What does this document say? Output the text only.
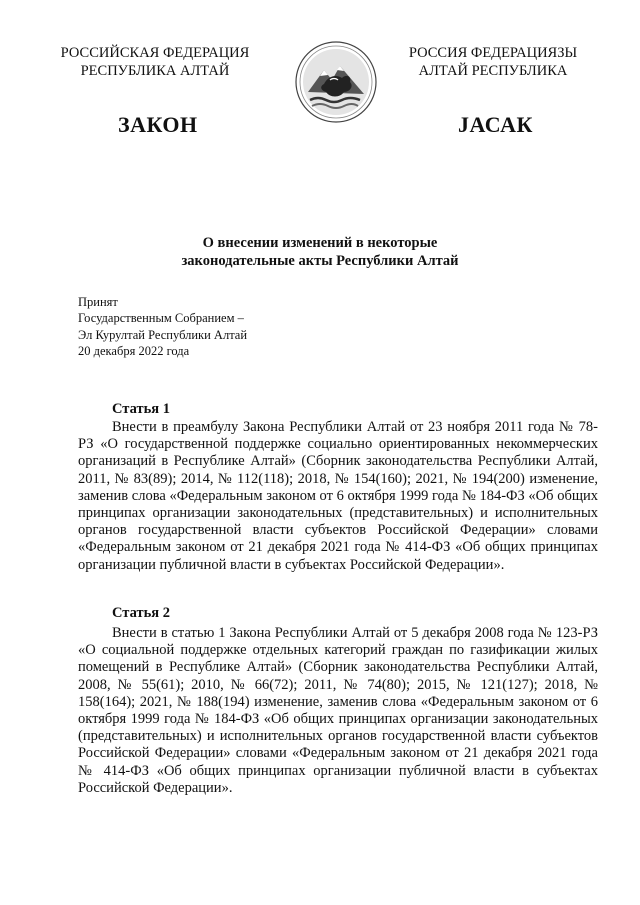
РОССИЙСКАЯ ФЕДЕРАЦИЯ
РЕСПУБЛИКА АЛТАЙ
РОССИЯ ФЕДЕРАЦИЯЗЫ
АЛТАЙ РЕСПУБЛИКА
ЗАКОН	ЈАСАК
О внесении изменений в некоторые
законодательные акты Республики Алтай
Принят
Государственным Собранием –
Эл Курултай Республики Алтай
20 декабря 2022 года
Статья 1

Внести в преамбулу Закона Республики Алтай от 23 ноября 2011 года № 78-РЗ «О государственной поддержке социально ориентированных некоммерческих организаций в Республике Алтай» (Сборник законодательства Республики Алтай, 2011, № 83(89); 2014, № 112(118); 2018, № 154(160); 2021, № 194(200) изменение, заменив слова «Федеральным законом от 6 октября 1999 года № 184-ФЗ «Об общих принципах организации законодательных (представительных) и исполнительных органов государственной власти субъектов Российской Федерации» словами «Федеральным законом от 21 декабря 2021 года № 414-ФЗ «Об общих принципах организации публичной власти в субъектах Российской Федерации».

Статья 2

Внести в статью 1 Закона Республики Алтай от 5 декабря 2008 года № 123-РЗ «О социальной поддержке отдельных категорий граждан по газификации жилых помещений в Республике Алтай» (Сборник законодательства Республики Алтай, 2008, № 55(61); 2010, № 66(72); 2011, № 74(80); 2015, № 121(127); 2018, № 158(164); 2021, № 188(194) изменение, заменив слова «Федеральным законом от 6 октября 1999 года № 184-ФЗ «Об общих принципах организации законодательных (представительных) и исполнительных органов государственной власти субъектов Российской Федерации» словами «Федеральным законом от 21 декабря 2021 года № 414-ФЗ «Об общих принципах организации публичной власти в субъектах Российской Федерации».
